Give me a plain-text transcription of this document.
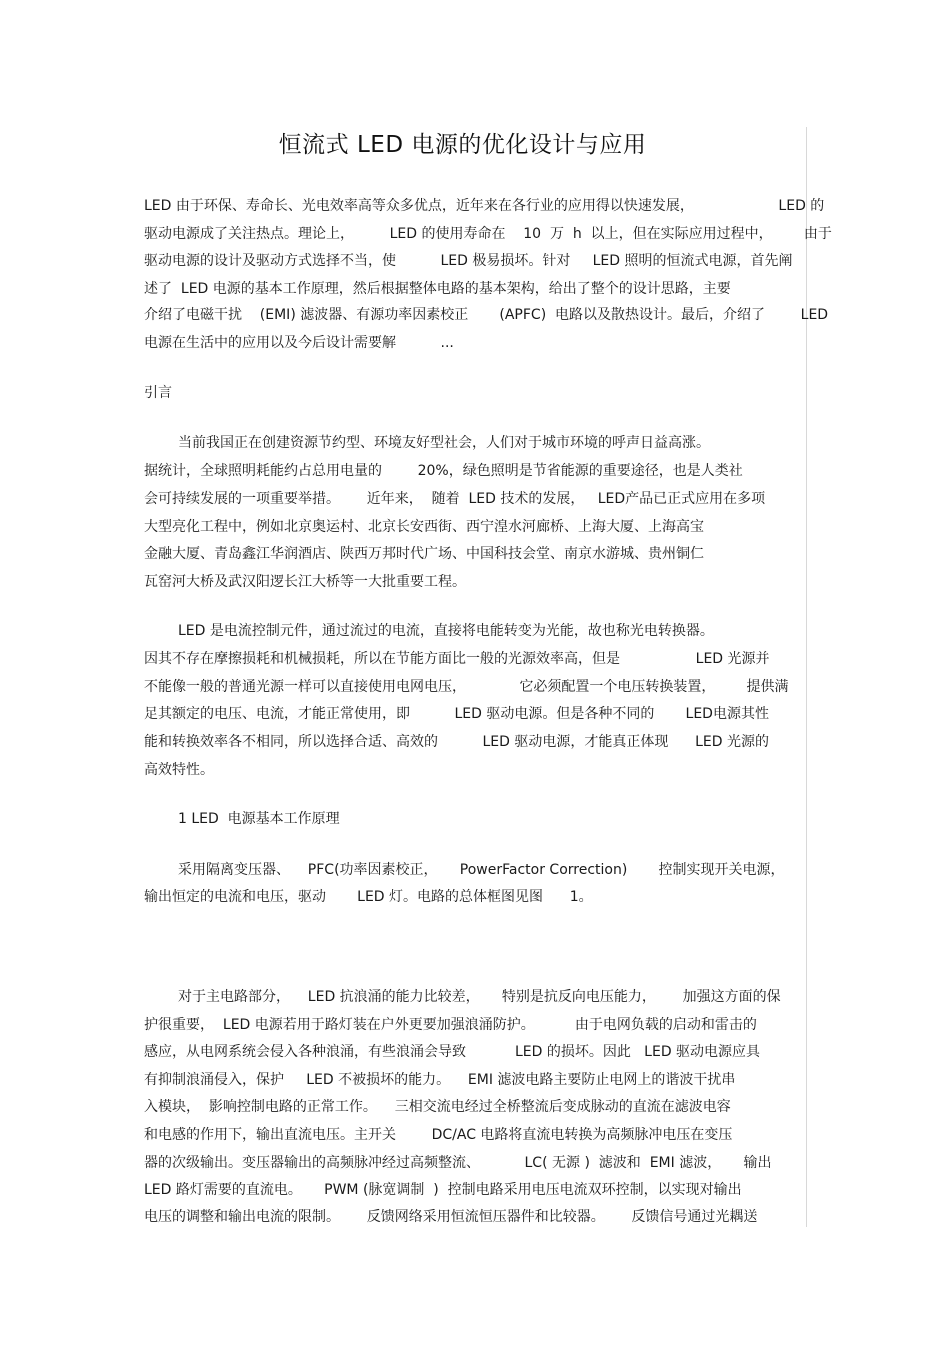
恒流式 LED 电源的优化设计与应用
LED 由于环保、寿命长、光电效率高等众多优点，近年来在各行业的应用得以快速发展，                   LED 的
驱动电源成了关注热点。理论上，        LED 的使用寿命在    10  万  h  以上，但在实际应用过程中，       由于
驱动电源的设计及驱动方式选择不当，使          LED 极易损坏。针对     LED 照明的恒流式电源，首先阐
述了  LED 电源的基本工作原理，然后根据整体电路的基本架构，给出了整个的设计思路，主要
介绍了电磁干扰    (EMI) 滤波器、有源功率因素校正       (APFC)  电路以及散热设计。最后，介绍了        LED
电源在生活中的应用以及今后设计需要解          ...
引言
当前我国正在创建资源节约型、环境友好型社会，人们对于城市环境的呼声日益高涨。
据统计，全球照明耗能约占总用电量的        20%，绿色照明是节省能源的重要途径，也是人类社
会可持续发展的一项重要举措。      近年来，  随着  LED 技术的发展，   LED产品已正式应用在多项
大型亮化工程中，例如北京奥运村、北京长安西街、西宁湟水河廊桥、上海大厦、上海高宝
金融大厦、青岛鑫江华润酒店、陕西万邦时代广场、中国科技会堂、南京水游城、贵州铜仁
瓦窑河大桥及武汉阳逻长江大桥等一大批重要工程。
LED 是电流控制元件，通过流过的电流，直接将电能转变为光能，故也称光电转换器。
因其不存在摩擦损耗和机械损耗，所以在节能方面比一般的光源效率高，但是                 LED 光源并
不能像一般的普通光源一样可以直接使用电网电压，            它必须配置一个电压转换装置，       提供满
足其额定的电压、电流，才能正常使用，即          LED 驱动电源。但是各种不同的       LED电源其性
能和转换效率各不相同，所以选择合适、高效的          LED 驱动电源，才能真正体现      LED 光源的
高效特性。
1 LED  电源基本工作原理
采用隔离变压器、    PFC(功率因素校正，     PowerFactor Correction)       控制实现开关电源，
输出恒定的电流和电压，驱动       LED 灯。电路的总体框图见图      1。
对于主电路部分，    LED 抗浪涌的能力比较差，     特别是抗反向电压能力，      加强这方面的保
护很重要，  LED 电源若用于路灯装在户外更要加强浪涌防护。         由于电网负载的启动和雷击的
感应，从电网系统会侵入各种浪涌，有些浪涌会导致           LED 的损坏。因此   LED 驱动电源应具
有抑制浪涌侵入，保护     LED 不被损坏的能力。    EMI 滤波电路主要防止电网上的谐波干扰串
入模块，  影响控制电路的正常工作。    三相交流电经过全桥整流后变成脉动的直流在滤波电容
和电感的作用下，输出直流电压。主开关        DC/AC 电路将直流电转换为高频脉冲电压在变压
器的次级输出。变压器输出的高频脉冲经过高频整流、          LC( 无源 )  滤波和  EMI 滤波，     输出
LED 路灯需要的直流电。     PWM (脉宽调制  )  控制电路采用电压电流双环控制，以实现对输出
电压的调整和输出电流的限制。      反馈网络采用恒流恒压器件和比较器。      反馈信号通过光耦送
